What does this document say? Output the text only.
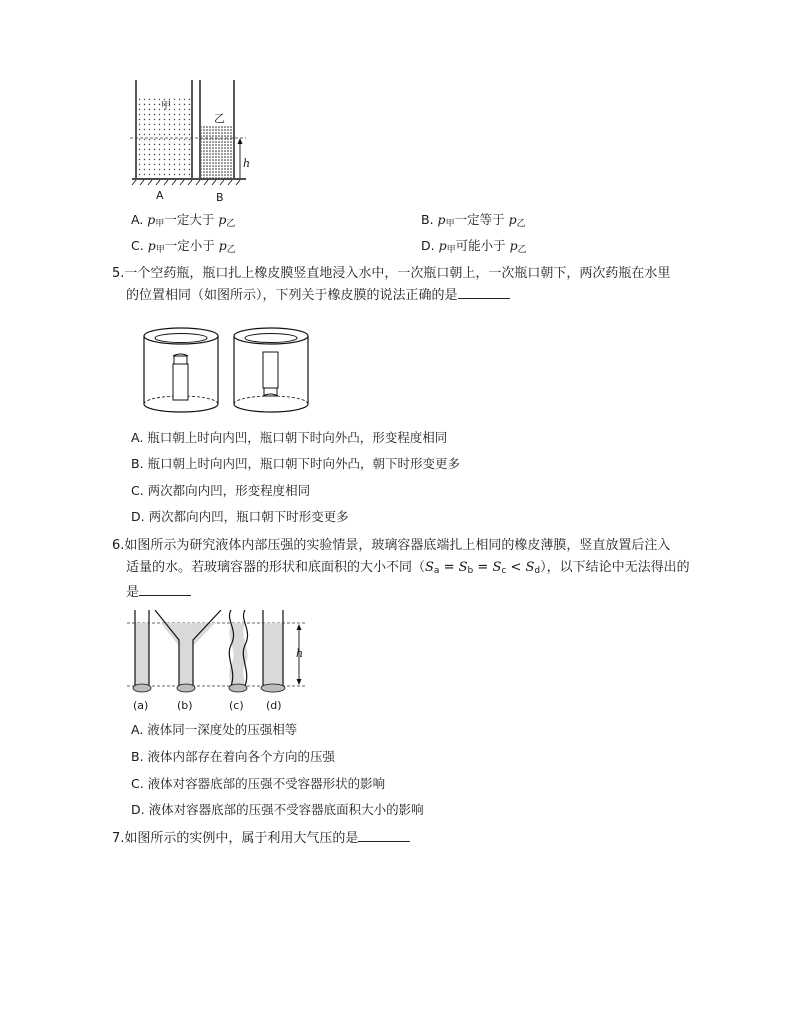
甲
乙
h
A	B
A. $p_甲$一定大于 $p_乙$	B. $p_甲$一定等于 $p_乙$
C. $p_甲$一定小于 $p_乙$	D. $p_甲$可能小于 $p_乙$
5.一个空药瓶，瓶口扎上橡皮膜竖直地浸入水中，一次瓶口朝上，一次瓶口朝下，两次药瓶在水里
的位置相同（如图所示），下列关于橡皮膜的说法正确的是
A. 瓶口朝上时向内凹，瓶口朝下时向外凸，形变程度相同
B. 瓶口朝上时向内凹，瓶口朝下时向外凸，朝下时形变更多
C. 两次都向内凹，形变程度相同
D. 两次都向内凹，瓶口朝下时形变更多
6.如图所示为研究液体内部压强的实验情景，玻璃容器底端扎上相同的橡皮薄膜，竖直放置后注入
适量的水。若玻璃容器的形状和底面积的大小不同$(S_a = S_b = S_c < S_d)$，以下结论中无法得出的
是
h
(a)	(b)	(c) (d)
A. 液体同一深度处的压强相等
B. 液体内部存在着向各个方向的压强
C. 液体对容器底部的压强不受容器形状的影响
D. 液体对容器底部的压强不受容器底面积大小的影响
7.如图所示的实例中，属于利用大气压的是
